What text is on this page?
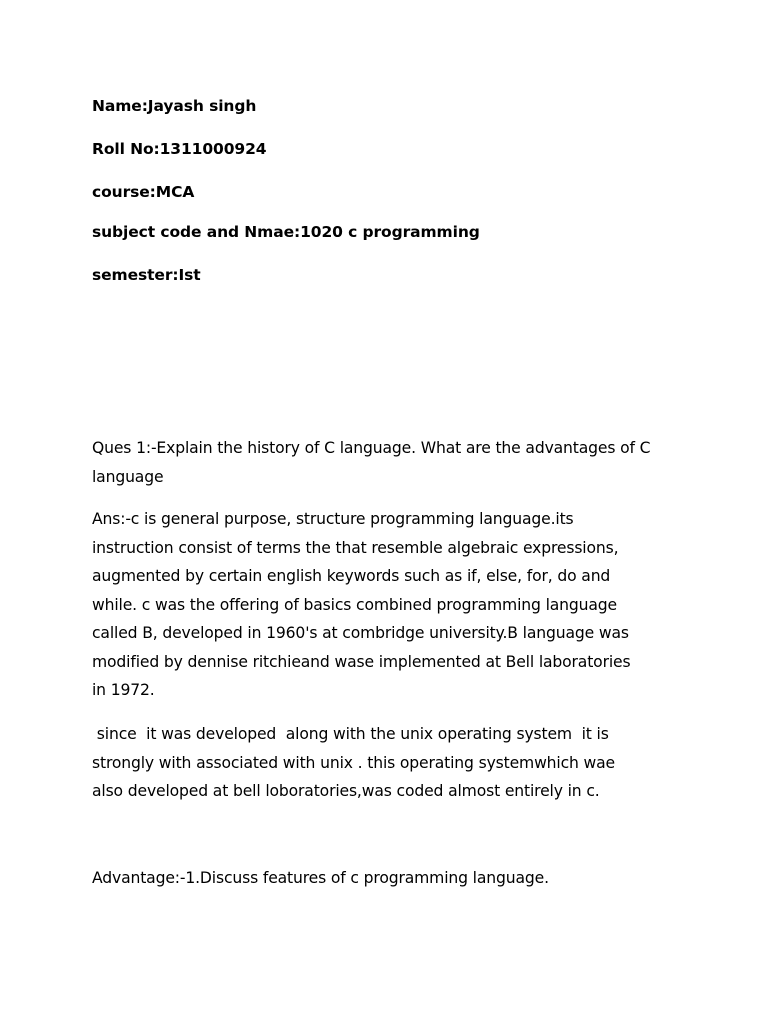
Name:Jayash singh
Roll No:1311000924
course:MCA
subject code and Nmae:1020 c programming
semester:Ist
Ques 1:-Explain the history of C language. What are the advantages of C
language
Ans:-c is general purpose, structure programming language.its
instruction consist of terms the that resemble algebraic expressions,
augmented by certain english keywords such as if, else, for, do and
while. c was the offering of basics combined programming language
called B, developed in 1960's at combridge university.B language was
modified by dennise ritchieand wase implemented at Bell laboratories
in 1972.
since  it was developed  along with the unix operating system  it is
strongly with associated with unix . this operating systemwhich wae
also developed at bell loboratories,was coded almost entirely in c.
Advantage:-1.Discuss features of c programming language.
